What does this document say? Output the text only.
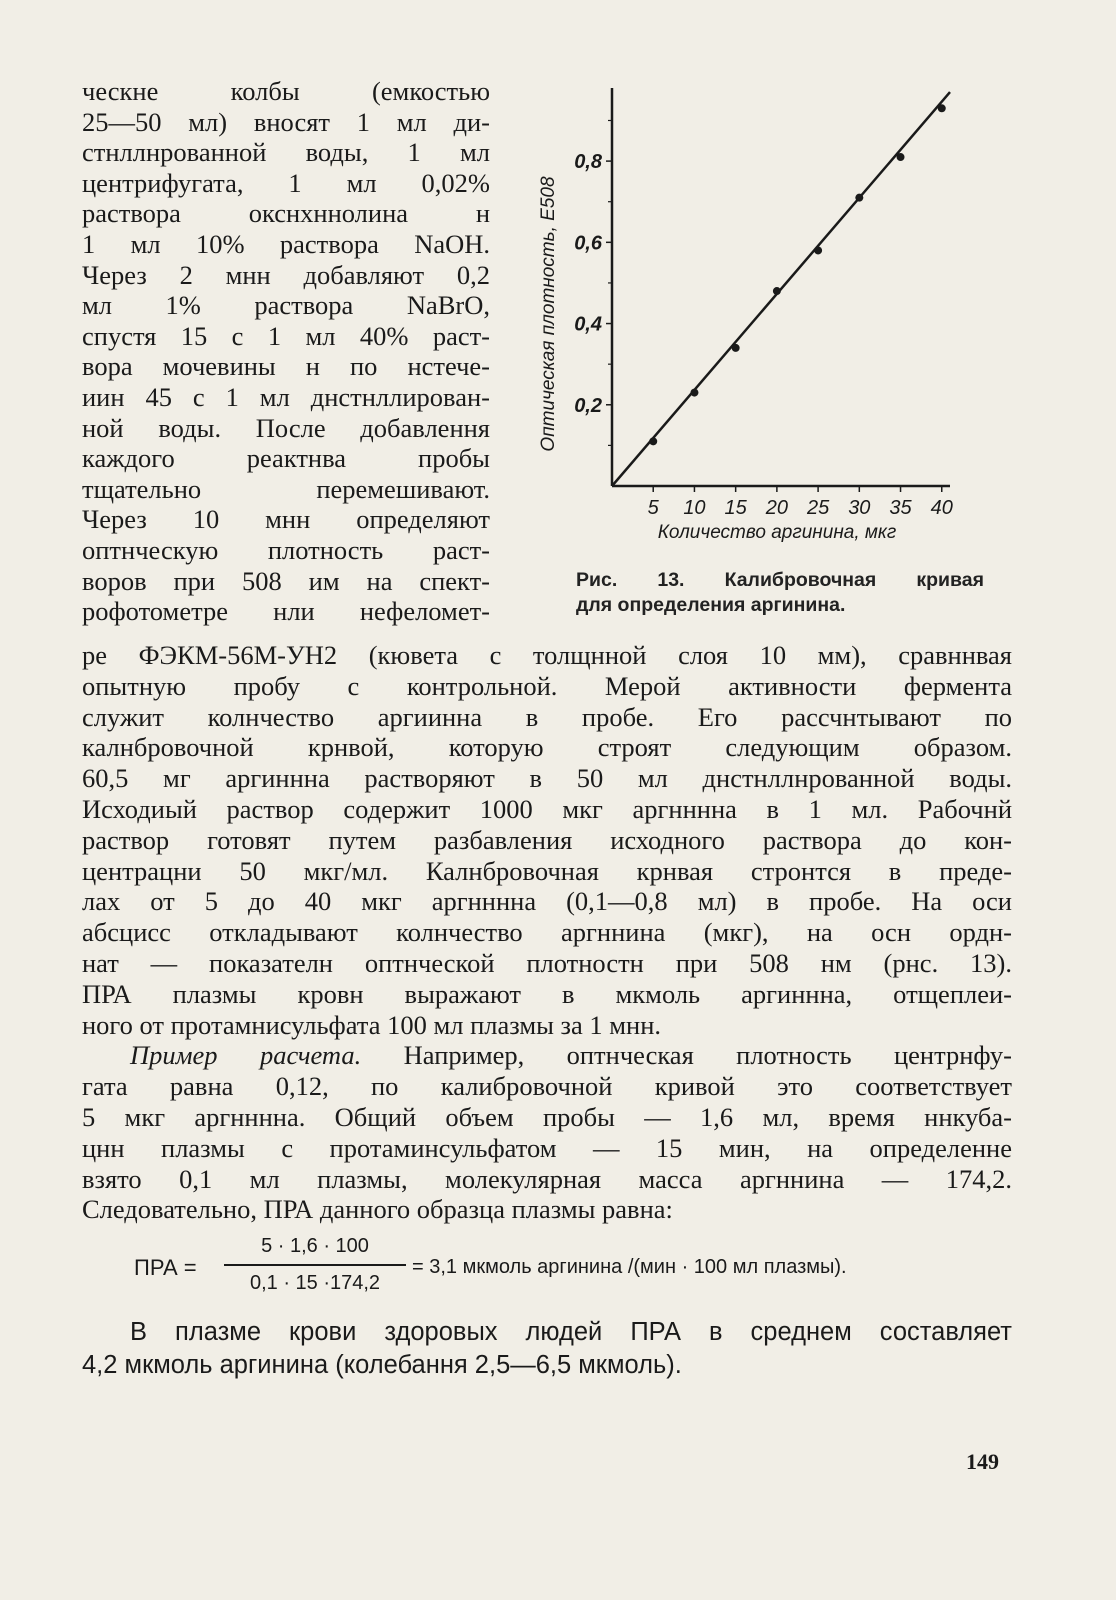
ческне колбы (емкостью
25—50 мл) вносят 1 мл ди-
стнллнрованной воды, 1 мл
центрифугата, 1 мл 0,02%
раствора окснхннолина н
1 мл 10% раствора NaOH.
Через 2 мнн добавляют 0,2
мл 1% раствора NaBrO,
спустя 15 с 1 мл 40% раст-
вора мочевины н по нстече-
иин 45 с 1 мл днстнллирован-
ной воды. После добавлення
каждого реактнва пробы
тщательно перемешивают.
Через 10 мнн определяют
оптнческую плотность раст-
воров при 508 им на спект-
рофотометре нли нефеломет-
5 10 15 20 25 30 35 40
0,2
0,4
0,6
0,8
Оптическая плотность, E508
Количество аргинина, мкг
Рис. 13. Калибровочная кривая
для определения аргинина.
ре ФЭКМ-56М-УН2 (кювета с толщнной слоя 10 мм), сравннвая
опытную пробу с контрольной. Мерой активности фермента
служит колнчество аргиинна в пробе. Его рассчнтывают по
калнбровочной крнвой, которую строят следующим образом.
60,5 мг аргинннa растворяют в 50 мл днстнллнрованной воды.
Исходиый раствор содержит 1000 мкг аргннннa в 1 мл. Рабочнй
раствор готовят путем разбавления исходного раствора до кон-
центрацни 50 мкг/мл. Калнбровочная крнвая стронтся в преде-
лах от 5 до 40 мкг аргннннa (0,1—0,8 мл) в пробе. На оси
абсцисс откладывают колнчество аргннина (мкг), на осн ордн-
нат — показателн оптнческой плотностн при 508 нм (рнс. 13).
ПРА плазмы кровн выражают в мкмоль аргиннна, отщеплеи-
ного от протамнисульфата 100 мл плазмы за 1 мнн.
Пример расчета. Например, оптнческая плотность центрнфу-
гата равна 0,12, по калибровочной кривой это соответствует
5 мкг аргннннa. Общий объем пробы — 1,6 мл, время ннкуба-
цнн плазмы с протаминсульфатом — 15 мин, на определенне
взято 0,1 мл плазмы, молекулярная масса аргннина — 174,2.
Следовательно, ПРА данного образца плазмы равна:
ПРА =
5 · 1,6 · 100
0,1 · 15 ·174,2
= 3,1 мкмоль аргинина /(мин · 100 мл плазмы).
В плазме крови здоровых людей ПРА в среднем составляет
4,2 мкмоль аргинина (колебання 2,5—6,5 мкмоль).
149
